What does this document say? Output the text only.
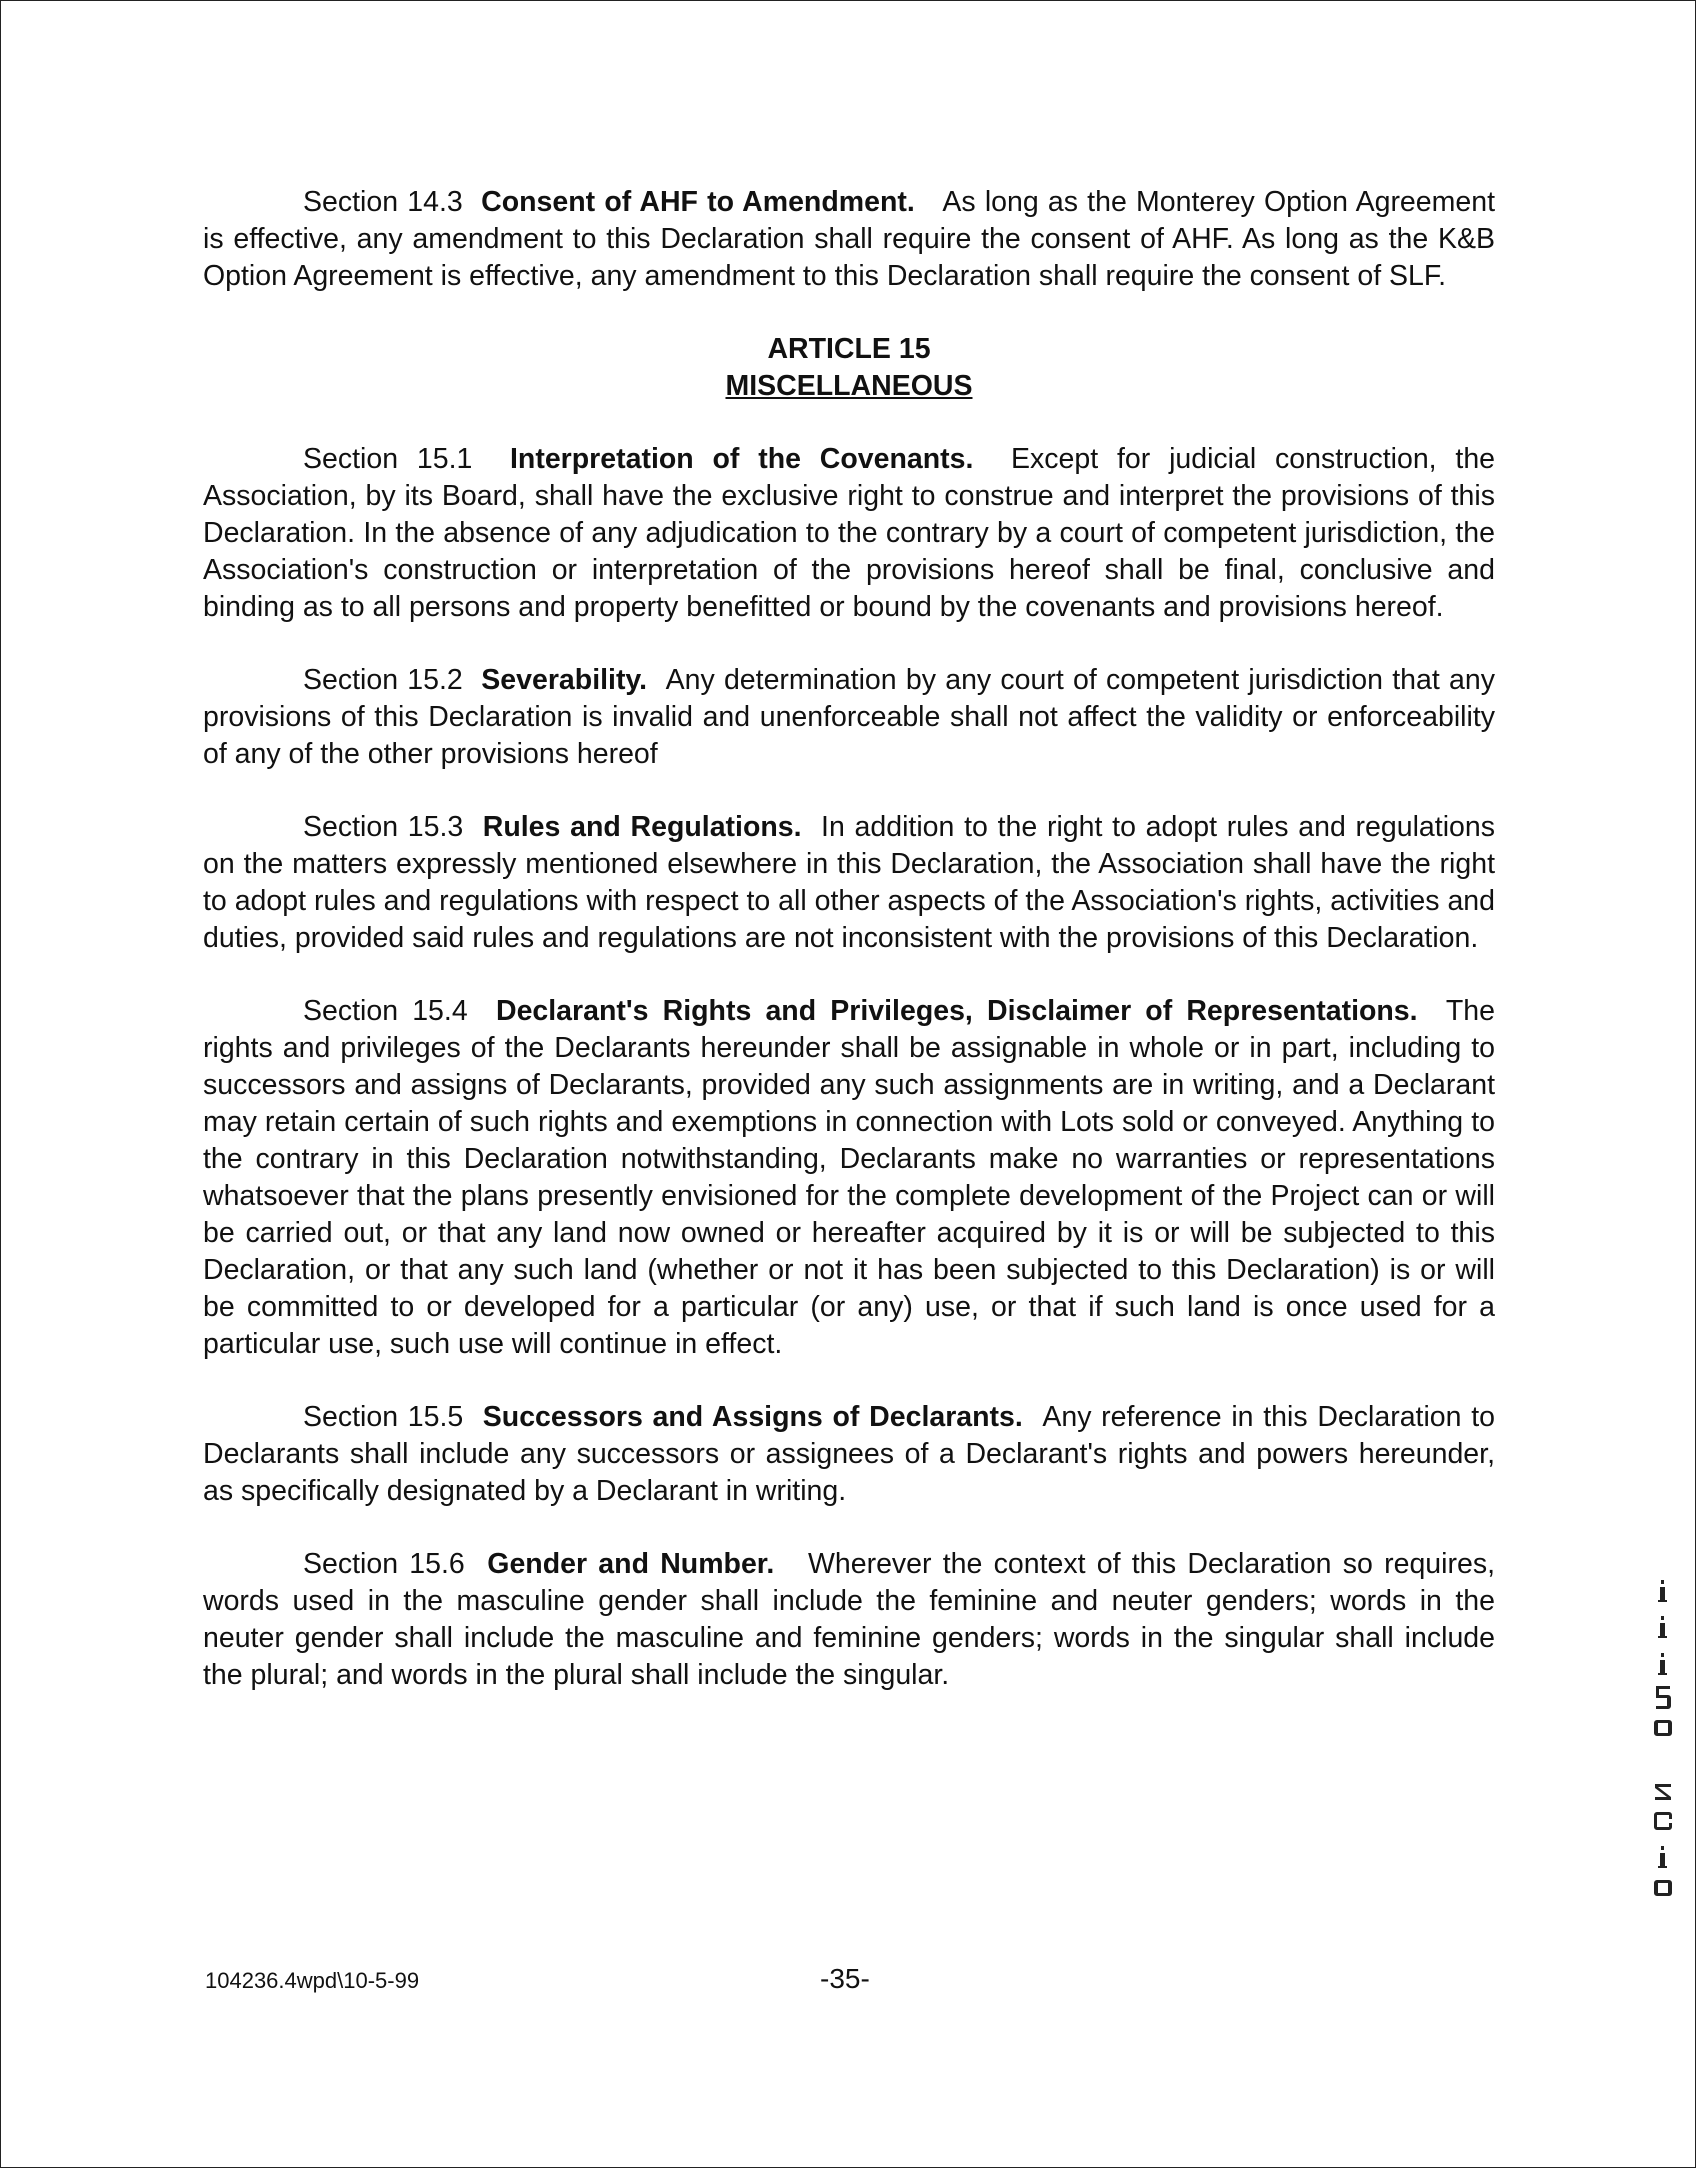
Section 14.3 Consent of AHF to Amendment. As long as the Monterey Option Agreement is effective, any amendment to this Declaration shall require the consent of AHF. As long as the K&B Option Agreement is effective, any amendment to this Declaration shall require the consent of SLF.

ARTICLE 15
MISCELLANEOUS

Section 15.1 Interpretation of the Covenants. Except for judicial construction, the Association, by its Board, shall have the exclusive right to construe and interpret the provisions of this Declaration. In the absence of any adjudication to the contrary by a court of competent jurisdiction, the Association's construction or interpretation of the provisions hereof shall be final, conclusive and binding as to all persons and property benefitted or bound by the covenants and provisions hereof.

Section 15.2 Severability. Any determination by any court of competent jurisdiction that any provisions of this Declaration is invalid and unenforceable shall not affect the validity or enforceability of any of the other provisions hereof

Section 15.3 Rules and Regulations. In addition to the right to adopt rules and regulations on the matters expressly mentioned elsewhere in this Declaration, the Association shall have the right to adopt rules and regulations with respect to all other aspects of the Association's rights, activities and duties, provided said rules and regulations are not inconsistent with the provisions of this Declaration.

Section 15.4 Declarant's Rights and Privileges, Disclaimer of Representations. The rights and privileges of the Declarants hereunder shall be assignable in whole or in part, including to successors and assigns of Declarants, provided any such assignments are in writing, and a Declarant may retain certain of such rights and exemptions in connection with Lots sold or conveyed. Anything to the contrary in this Declaration notwithstanding, Declarants make no warranties or representations whatsoever that the plans presently envisioned for the complete development of the Project can or will be carried out, or that any land now owned or hereafter acquired by it is or will be subjected to this Declaration, or that any such land (whether or not it has been subjected to this Declaration) is or will be committed to or developed for a particular (or any) use, or that if such land is once used for a particular use, such use will continue in effect.

Section 15.5 Successors and Assigns of Declarants. Any reference in this Declaration to Declarants shall include any successors or assignees of a Declarant's rights and powers hereunder, as specifically designated by a Declarant in writing.

Section 15.6 Gender and Number. Wherever the context of this Declaration so requires, words used in the masculine gender shall include the feminine and neuter genders; words in the neuter gender shall include the masculine and feminine genders; words in the singular shall include the plural; and words in the plural shall include the singular.

104236.4wpd\10-5-99	-35-
